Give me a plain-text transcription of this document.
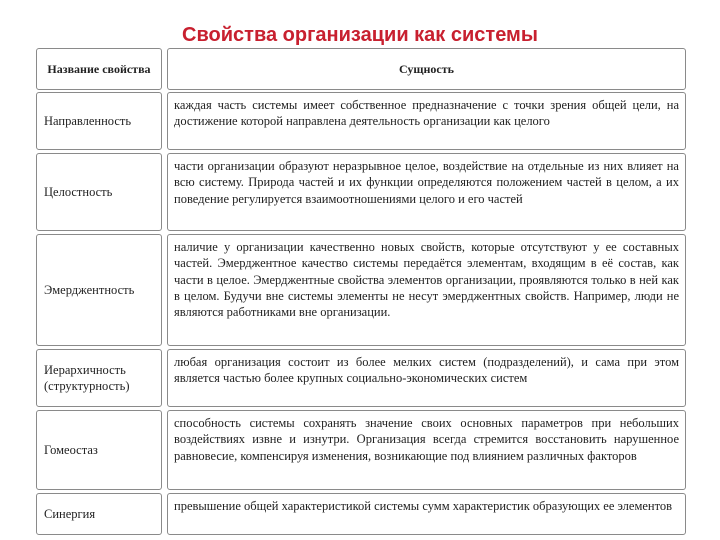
Свойства организации как системы
Название свойства	Сущность
Направленность
каждая часть системы имеет собственное предназначение с точки зрения общей цели, на достижение которой направлена деятельность организации как целого
Целостность
части организации образуют неразрывное целое, воздействие на отдельные из них влияет на всю систему. Природа частей и их функции определяются положением частей в целом, а их поведение регулируется взаимоотношениями целого и его частей
Эмерджентность
наличие у организации качественно новых свойств, которые отсутствуют у ее составных частей. Эмерджентное качество системы передаётся элементам, входящим в её состав, как части в целое. Эмерджентные свойства элементов организации, проявляются только в ней как в целом. Будучи вне системы элементы не несут эмерджентных свойств. Например, люди не являются работниками вне организации.
Иерархичность (структурность)
любая организация состоит из более мелких систем (подразделений), и сама при этом является частью более крупных социально-экономических систем
Гомеостаз
способность системы сохранять значение своих основных параметров при небольших воздействиях извне и изнутри. Организация всегда стремится восстановить нарушенное равновесие, компенсируя изменения, возникающие под влиянием различных факторов
Синергия
превышение общей характеристикой системы сумм характеристик образующих ее элементов
